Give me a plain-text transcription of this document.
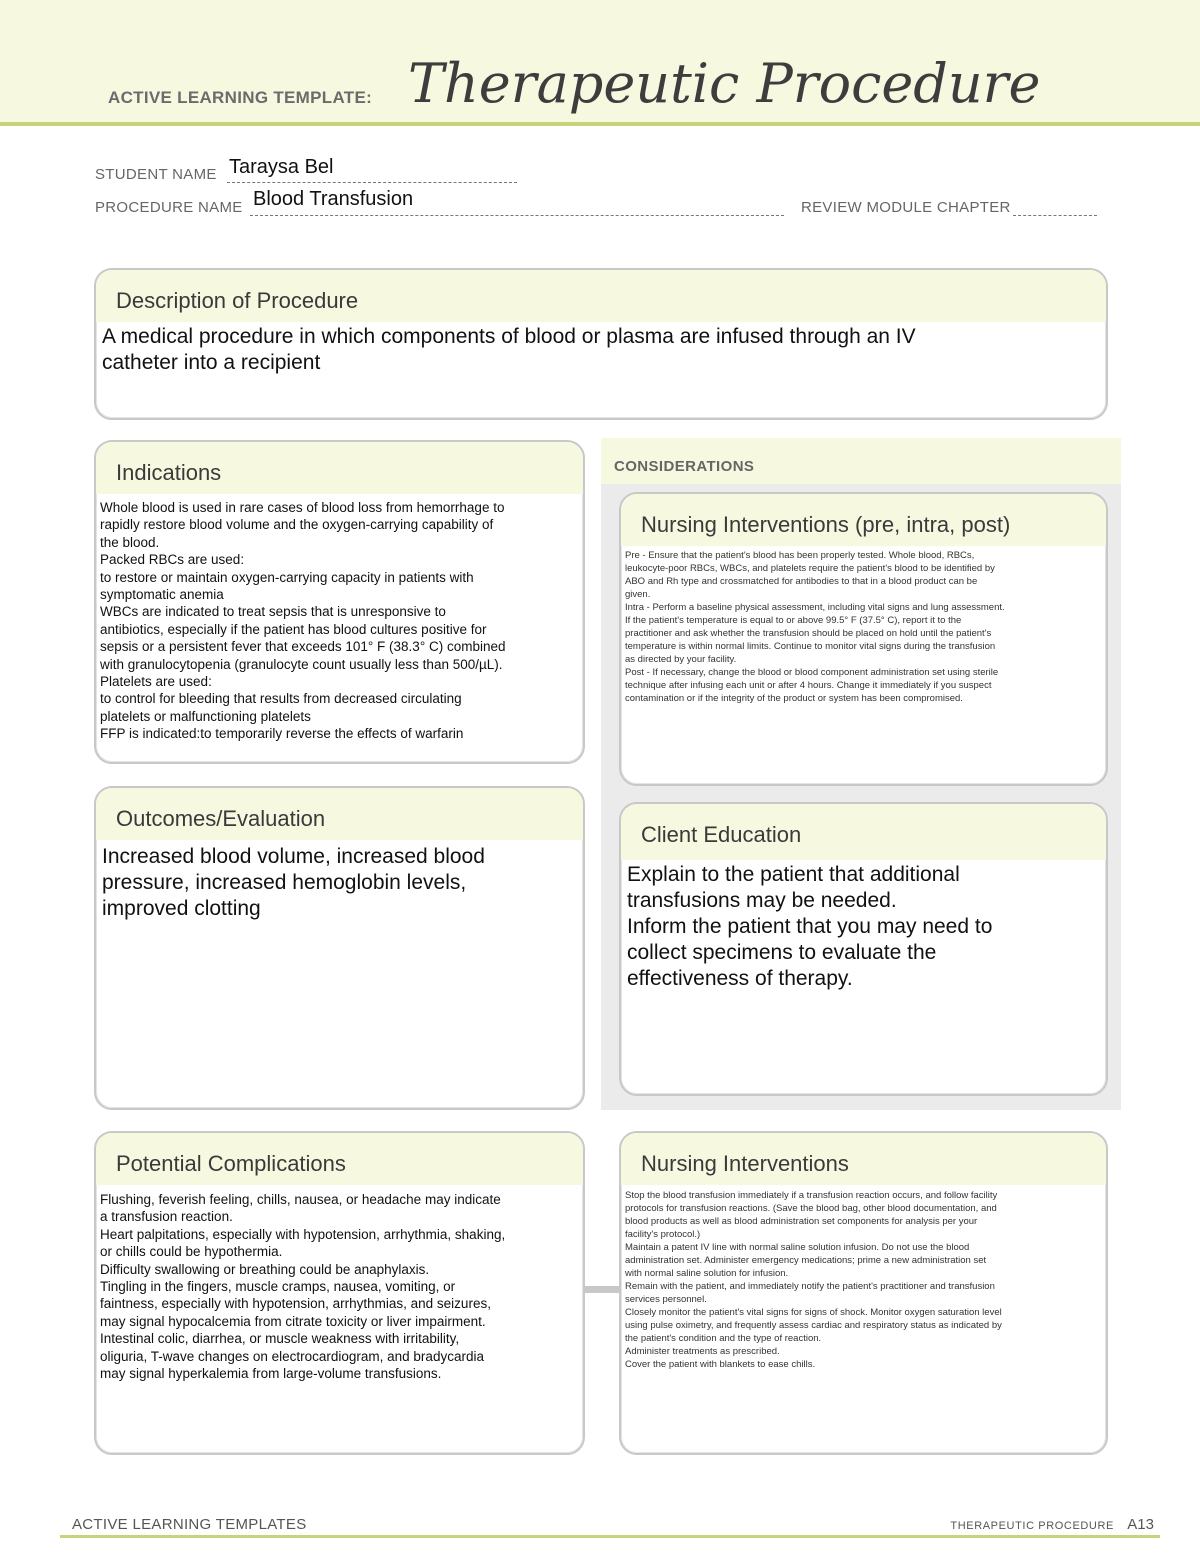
ACTIVE LEARNING TEMPLATE: Therapeutic Procedure
STUDENT NAME Taraysa Bel
PROCEDURE NAME Blood Transfusion	REVIEW MODULE CHAPTER
Description of Procedure
A medical procedure in which components of blood or plasma are infused through an IV
catheter into a recipient
Indications
Whole blood is used in rare cases of blood loss from hemorrhage to
rapidly restore blood volume and the oxygen-carrying capability of
the blood.
Packed RBCs are used:
to restore or maintain oxygen-carrying capacity in patients with
symptomatic anemia
WBCs are indicated to treat sepsis that is unresponsive to
antibiotics, especially if the patient has blood cultures positive for
sepsis or a persistent fever that exceeds 101° F (38.3° C) combined
with granulocytopenia (granulocyte count usually less than 500/µL).
Platelets are used:
to control for bleeding that results from decreased circulating
platelets or malfunctioning platelets
FFP is indicated:to temporarily reverse the effects of warfarin
CONSIDERATIONS
Nursing Interventions (pre, intra, post)
Pre - Ensure that the patient's blood has been properly tested. Whole blood, RBCs,
leukocyte-poor RBCs, WBCs, and platelets require the patient's blood to be identified by
ABO and Rh type and crossmatched for antibodies to that in a blood product can be
given.
Intra - Perform a baseline physical assessment, including vital signs and lung assessment.
If the patient's temperature is equal to or above 99.5° F (37.5° C), report it to the
practitioner and ask whether the transfusion should be placed on hold until the patient's
temperature is within normal limits. Continue to monitor vital signs during the transfusion
as directed by your facility.
Post - If necessary, change the blood or blood component administration set using sterile
technique after infusing each unit or after 4 hours. Change it immediately if you suspect
contamination or if the integrity of the product or system has been compromised.
Client Education
Explain to the patient that additional
transfusions may be needed.
Inform the patient that you may need to
collect specimens to evaluate the
effectiveness of therapy.
Outcomes/Evaluation
Increased blood volume, increased blood
pressure, increased hemoglobin levels,
improved clotting
Potential Complications
Flushing, feverish feeling, chills, nausea, or headache may indicate
a transfusion reaction.
Heart palpitations, especially with hypotension, arrhythmia, shaking,
or chills could be hypothermia.
Difficulty swallowing or breathing could be anaphylaxis.
Tingling in the fingers, muscle cramps, nausea, vomiting, or
faintness, especially with hypotension, arrhythmias, and seizures,
may signal hypocalcemia from citrate toxicity or liver impairment.
Intestinal colic, diarrhea, or muscle weakness with irritability,
oliguria, T-wave changes on electrocardiogram, and bradycardia
may signal hyperkalemia from large-volume transfusions.
Nursing Interventions
Stop the blood transfusion immediately if a transfusion reaction occurs, and follow facility
protocols for transfusion reactions. (Save the blood bag, other blood documentation, and
blood products as well as blood administration set components for analysis per your
facility's protocol.)
Maintain a patent IV line with normal saline solution infusion. Do not use the blood
administration set. Administer emergency medications; prime a new administration set
with normal saline solution for infusion.
Remain with the patient, and immediately notify the patient's practitioner and transfusion
services personnel.
Closely monitor the patient's vital signs for signs of shock. Monitor oxygen saturation level
using pulse oximetry, and frequently assess cardiac and respiratory status as indicated by
the patient's condition and the type of reaction.
Administer treatments as prescribed.
Cover the patient with blankets to ease chills.
ACTIVE LEARNING TEMPLATES	THERAPEUTIC PROCEDURE A13
